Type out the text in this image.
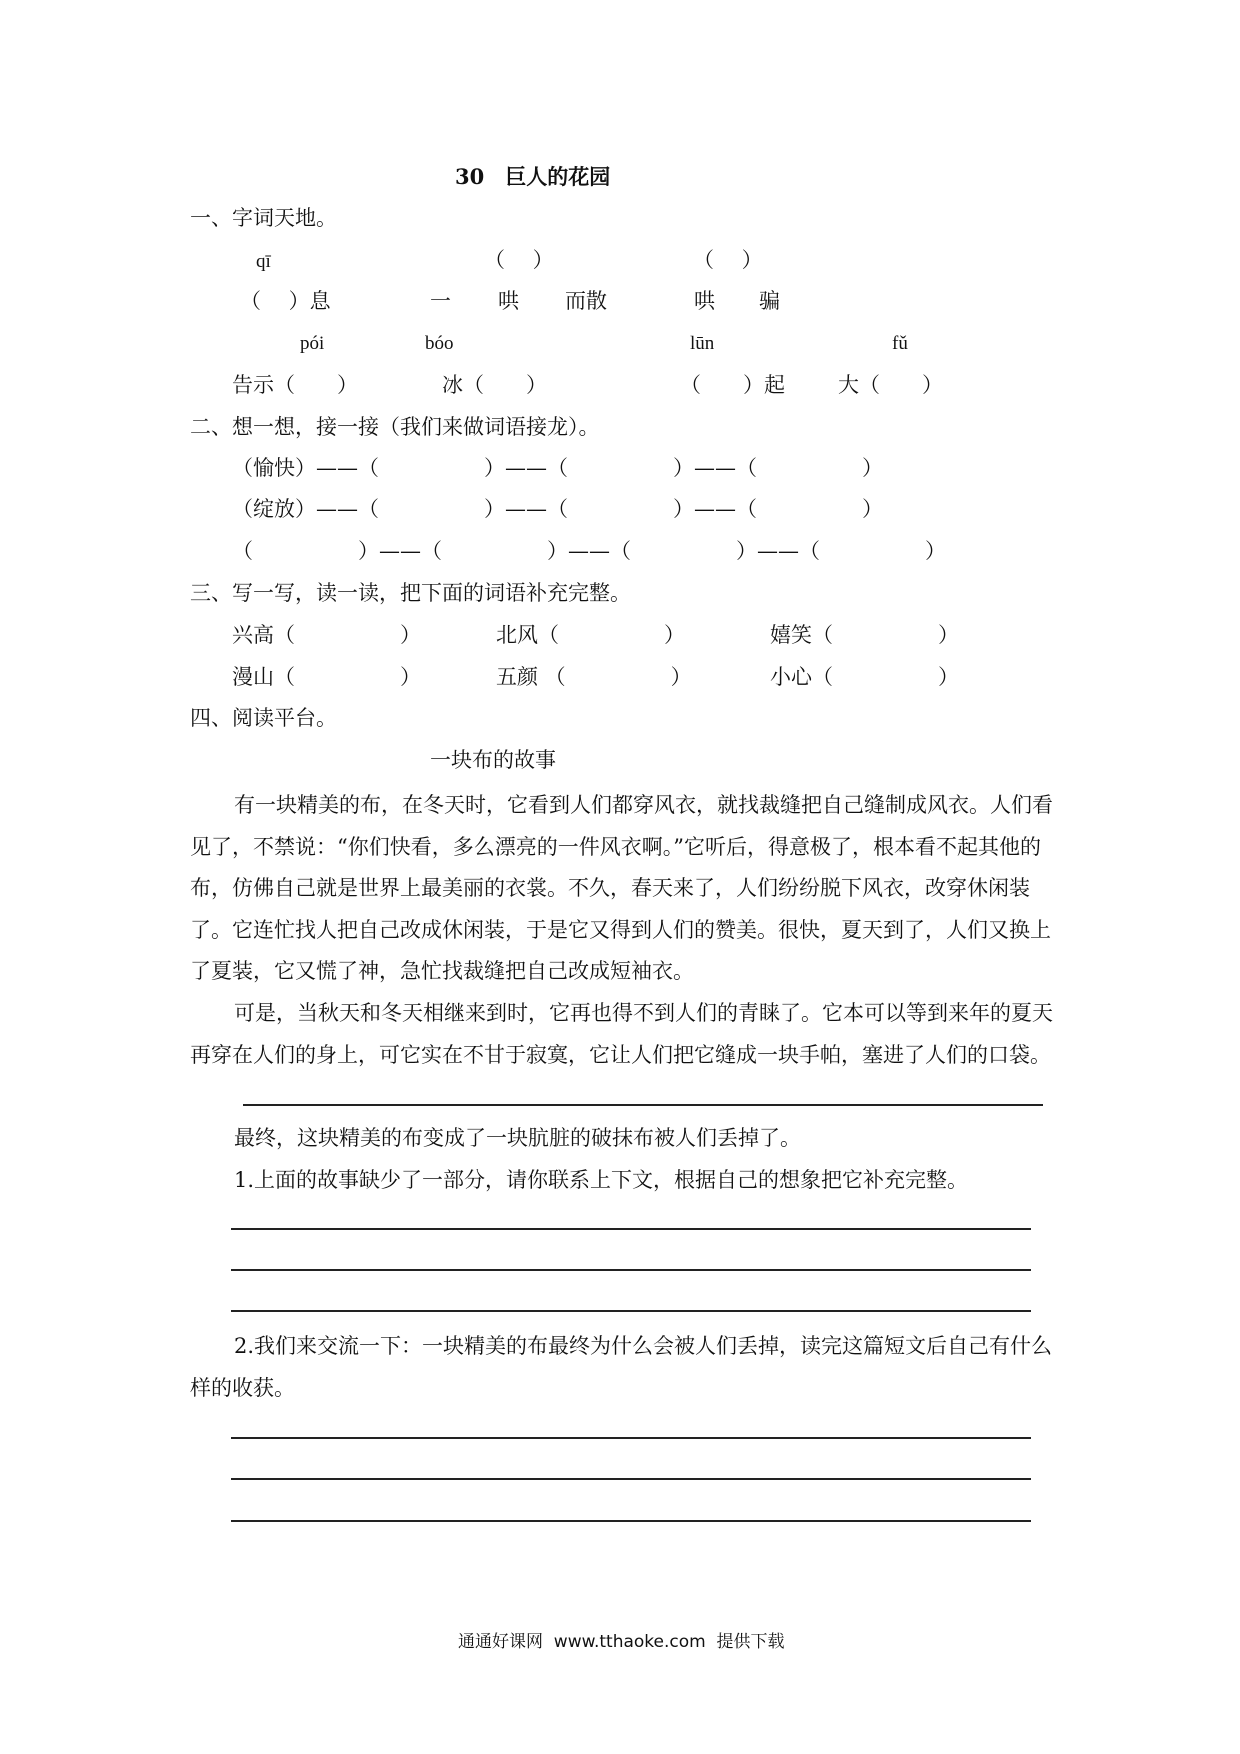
30　巨人的花园
一、字词天地。
qī	（　 ）	（　 ）
（　 ）息	一 哄 而散	哄 骗
pói	bóo	lūn	fǔ
告示（　　）	冰（　　）	（　　）起	大（　　）
二、想一想，接一接（我们来做词语接龙）。
（愉快）——（　　　　　）——（　　　　　）——（　　　　　）
（绽放）——（　　　　　）——（　　　　　）——（　　　　　）
（　　　　　）——（　　　　　）——（　　　　　）——（　　　　　）
三、写一写，读一读，把下面的词语补充完整。
兴高（　　　　　）	北风（　　　　　）	嬉笑（　　　　　）
漫山（　　　　　）	五颜 （　　　　　）	小心（　　　　　）
四、阅读平台。
一块布的故事
有一块精美的布，在冬天时，它看到人们都穿风衣，就找裁缝把自己缝制成风衣。人们看见了，不禁说：“你们快看，多么漂亮的一件风衣啊。”它听后，得意极了，根本看不起其他的布，仿佛自己就是世界上最美丽的衣裳。不久，春天来了，人们纷纷脱下风衣，改穿休闲装了。它连忙找人把自己改成休闲装，于是它又得到人们的赞美。很快，夏天到了，人们又换上了夏装，它又慌了神，急忙找裁缝把自己改成短袖衣。
可是，当秋天和冬天相继来到时，它再也得不到人们的青睐了。它本可以等到来年的夏天再穿在人们的身上，可它实在不甘于寂寞，它让人们把它缝成一块手帕，塞进了人们的口袋。
最终，这块精美的布变成了一块肮脏的破抹布被人们丢掉了。
1.上面的故事缺少了一部分，请你联系上下文，根据自己的想象把它补充完整。
2.我们来交流一下：一块精美的布最终为什么会被人们丢掉，读完这篇短文后自己有什么样的收获。
通通好课网  www.tthaoke.com  提供下载
